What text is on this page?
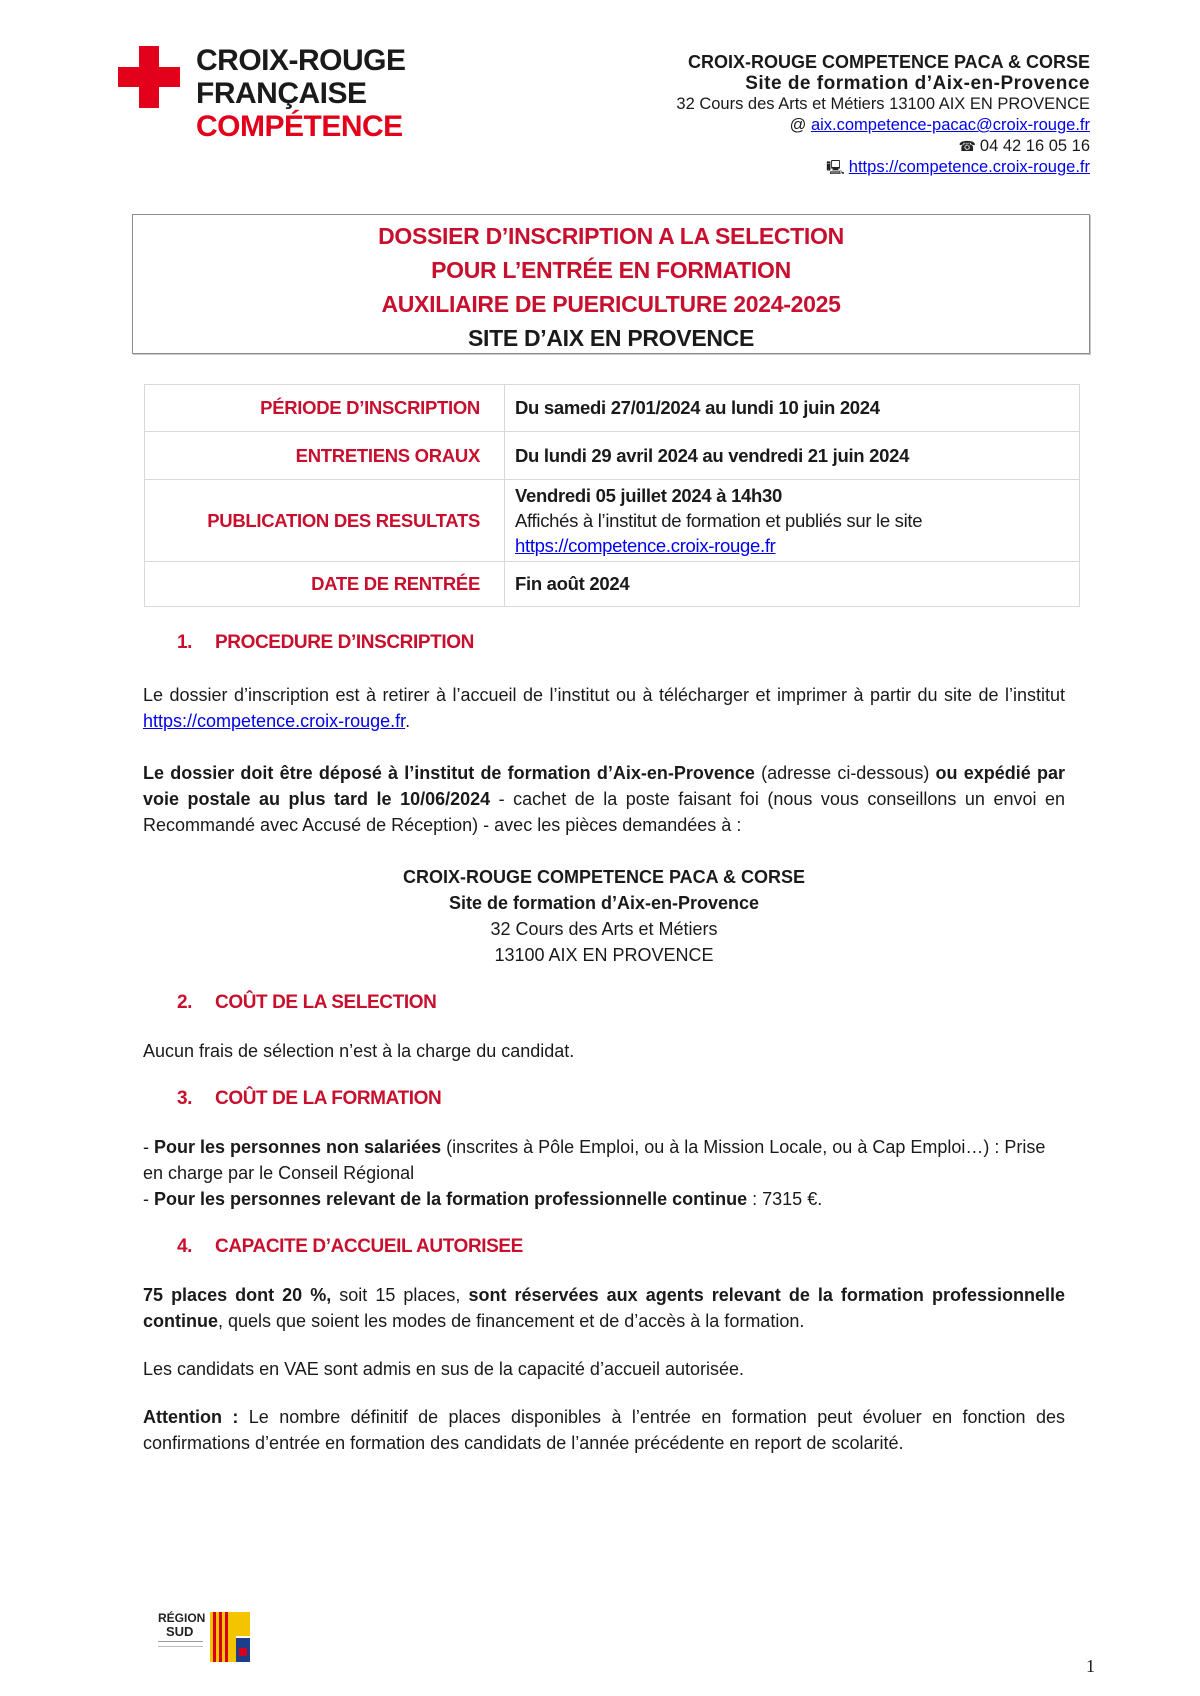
CROIX-ROUGE
FRANÇAISE
COMPÉTENCE
CROIX-ROUGE COMPETENCE PACA & CORSE
Site de formation d’Aix-en-Provence
32 Cours des Arts et Métiers 13100 AIX EN PROVENCE
@ aix.competence-pacac@croix-rouge.fr
☎ 04 42 16 05 16
🖳 https://competence.croix-rouge.fr
DOSSIER D’INSCRIPTION A LA SELECTION
POUR L’ENTRÉE EN FORMATION
AUXILIAIRE DE PUERICULTURE 2024-2025
SITE D’AIX EN PROVENCE
PÉRIODE D’INSCRIPTION	Du samedi 27/01/2024 au lundi 10 juin 2024
ENTRETIENS ORAUX	Du lundi 29 avril 2024 au vendredi 21 juin 2024
PUBLICATION DES RESULTATS	Vendredi 05 juillet 2024 à 14h30
Affichés à l’institut de formation et publiés sur le site
https://competence.croix-rouge.fr
DATE DE RENTRÉE	Fin août 2024
1. PROCEDURE D’INSCRIPTION

Le dossier d’inscription est à retirer à l’accueil de l’institut ou à télécharger et imprimer à partir du site de l’institut https://competence.croix-rouge.fr.

Le dossier doit être déposé à l’institut de formation d’Aix-en-Provence (adresse ci-dessous) ou expédié par voie postale au plus tard le 10/06/2024 - cachet de la poste faisant foi (nous vous conseillons un envoi en Recommandé avec Accusé de Réception) - avec les pièces demandées à :

CROIX-ROUGE COMPETENCE PACA & CORSE
Site de formation d’Aix-en-Provence
32 Cours des Arts et Métiers
13100 AIX EN PROVENCE
2. COÛT DE LA SELECTION

Aucun frais de sélection n’est à la charge du candidat.

3. COÛT DE LA FORMATION

- Pour les personnes non salariées (inscrites à Pôle Emploi, ou à la Mission Locale, ou à Cap Emploi…) : Prise en charge par le Conseil Régional

- Pour les personnes relevant de la formation professionnelle continue : 7315 €.

4. CAPACITE D’ACCUEIL AUTORISEE

75 places dont 20 %, soit 15 places, sont réservées aux agents relevant de la formation professionnelle continue, quels que soient les modes de financement et de d’accès à la formation.

Les candidats en VAE sont admis en sus de la capacité d’accueil autorisée.

Attention : Le nombre définitif de places disponibles à l’entrée en formation peut évoluer en fonction des confirmations d’entrée en formation des candidats de l’année précédente en report de scolarité.

RÉGION
SUD
1
